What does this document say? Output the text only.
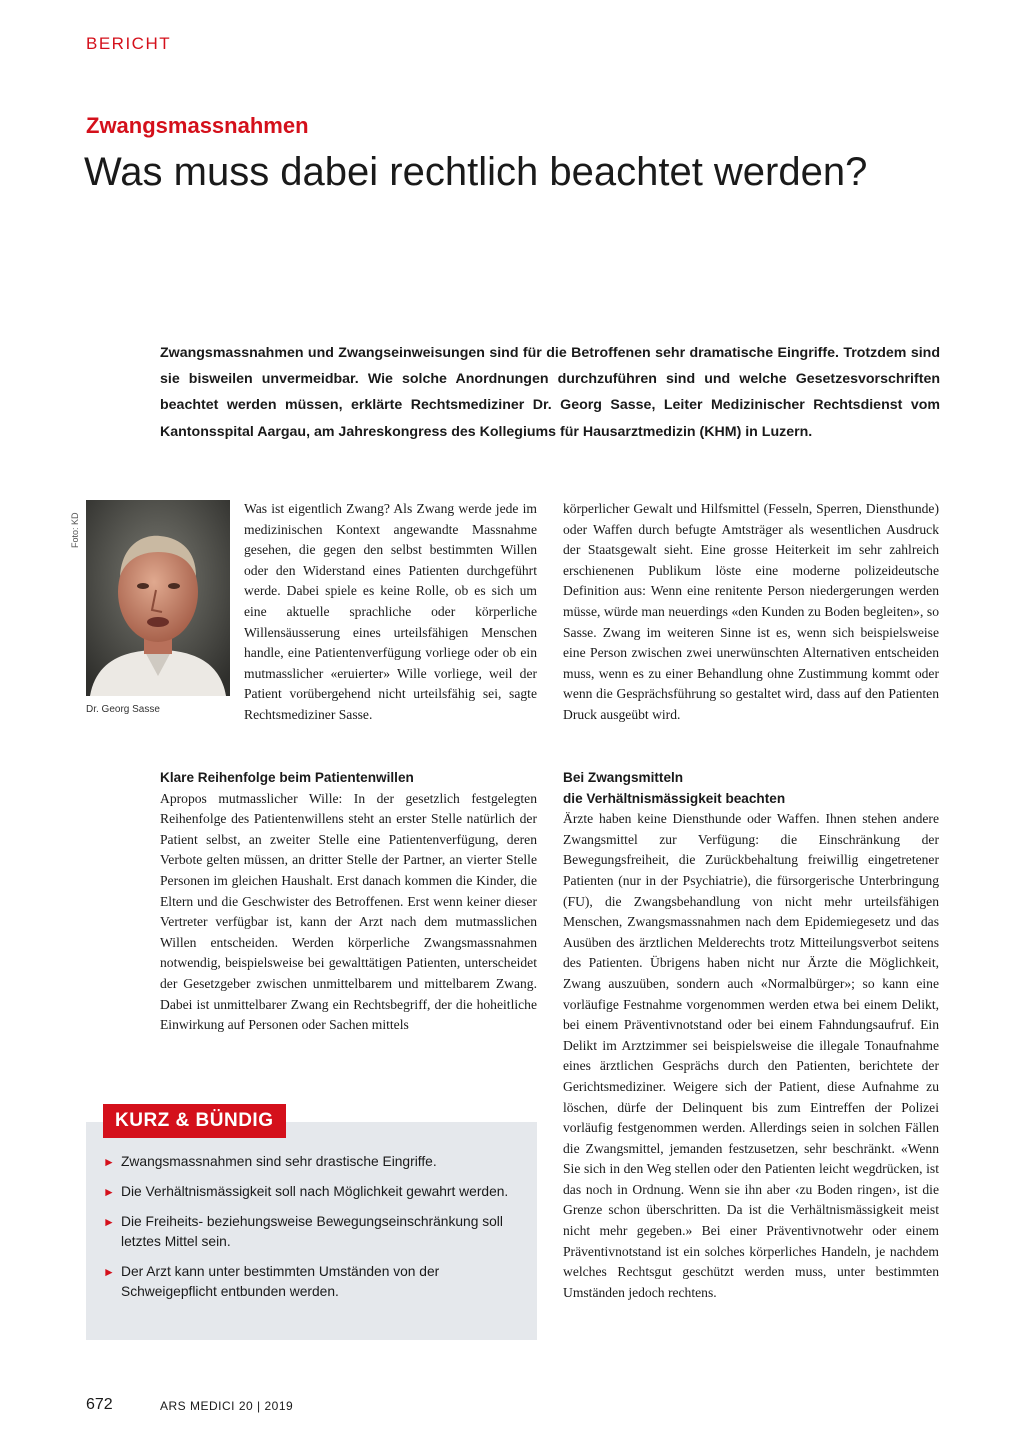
BERICHT
Zwangsmassnahmen
Was muss dabei rechtlich beachtet werden?
Zwangsmassnahmen und Zwangseinweisungen sind für die Betroffenen sehr dramatische Eingriffe. Trotzdem sind sie bisweilen unvermeidbar. Wie solche Anordnungen durchzuführen sind und welche Gesetzesvorschriften beachtet werden müssen, erklärte Rechtsmediziner Dr. Georg Sasse, Leiter Medizinischer Rechtsdienst vom Kantonsspital Aargau, am Jahreskongress des Kollegiums für Hausarztmedizin (KHM) in Luzern.
Foto: KD
Dr. Georg Sasse

Was ist eigentlich Zwang? Als Zwang werde jede im medizinischen Kontext angewandte Massnahme gesehen, die gegen den selbst bestimmten Willen oder den Widerstand eines Patienten durchgeführt werde. Dabei spiele es keine Rolle, ob es sich um eine aktuelle sprachliche oder körperliche Willensäusserung eines urteilsfähigen Menschen handle, eine Patientenverfügung vorliege oder ob ein mutmasslicher «eruierter» Wille vorliege, weil der Patient vorübergehend nicht urteilsfähig sei, sagte Rechtsmediziner Sasse.

körperlicher Gewalt und Hilfsmittel (Fesseln, Sperren, Diensthunde) oder Waffen durch befugte Amtsträger als wesentlichen Ausdruck der Staatsgewalt sieht. Eine grosse Heiterkeit im sehr zahlreich erschienenen Publikum löste eine moderne polizeideutsche Definition aus: Wenn eine renitente Person niedergerungen werden müsse, würde man neuerdings «den Kunden zu Boden begleiten», so Sasse. Zwang im weiteren Sinne ist es, wenn sich beispielsweise eine Person zwischen zwei unerwünschten Alternativen entscheiden muss, wenn es zu einer Behandlung ohne Zustimmung kommt oder wenn die Gesprächsführung so gestaltet wird, dass auf den Patienten Druck ausgeübt wird.

Klare Reihenfolge beim Patientenwillen

Apropos mutmasslicher Wille: In der gesetzlich festgelegten Reihenfolge des Patientenwillens steht an erster Stelle natürlich der Patient selbst, an zweiter Stelle eine Patientenverfügung, deren Verbote gelten müssen, an dritter Stelle der Partner, an vierter Stelle Personen im gleichen Haushalt. Erst danach kommen die Kinder, die Eltern und die Geschwister des Betroffenen. Erst wenn keiner dieser Vertreter verfügbar ist, kann der Arzt nach dem mutmasslichen Willen entscheiden. Werden körperliche Zwangsmassnahmen notwendig, beispielsweise bei gewalttätigen Patienten, unterscheidet der Gesetzgeber zwischen unmittelbarem und mittelbarem Zwang. Dabei ist unmittelbarer Zwang ein Rechtsbegriff, der die hoheitliche Einwirkung auf Personen oder Sachen mittels

Bei Zwangsmitteln
die Verhältnismässigkeit beachten

Ärzte haben keine Diensthunde oder Waffen. Ihnen stehen andere Zwangsmittel zur Verfügung: die Einschränkung der Bewegungsfreiheit, die Zurückbehaltung freiwillig eingetretener Patienten (nur in der Psychiatrie), die fürsorgerische Unterbringung (FU), die Zwangsbehandlung von nicht mehr urteilsfähigen Menschen, Zwangsmassnahmen nach dem Epidemiegesetz und das Ausüben des ärztlichen Melderechts trotz Mitteilungsverbot seitens des Patienten. Übrigens haben nicht nur Ärzte die Möglichkeit, Zwang auszuüben, sondern auch «Normalbürger»; so kann eine vorläufige Festnahme vorgenommen werden etwa bei einem Delikt, bei einem Präventivnotstand oder bei einem Fahndungsaufruf. Ein Delikt im Arztzimmer sei beispielsweise die illegale Tonaufnahme eines ärztlichen Gesprächs durch den Patienten, berichtete der Gerichtsmediziner. Weigere sich der Patient, diese Aufnahme zu löschen, dürfe der Delinquent bis zum Eintreffen der Polizei vorläufig festgenommen werden. Allerdings seien in solchen Fällen die Zwangsmittel, jemanden festzusetzen, sehr beschränkt. «Wenn Sie sich in den Weg stellen oder den Patienten leicht wegdrücken, ist das noch in Ordnung. Wenn sie ihn aber ‹zu Boden ringen›, ist die Grenze schon überschritten. Da ist die Verhältnismässigkeit meist nicht mehr gegeben.» Bei einer Präventivnotwehr oder einem Präventivnotstand ist ein solches körperliches Handeln, je nachdem welches Rechtsgut geschützt werden muss, unter bestimmten Umständen jedoch rechtens.

KURZ & BÜNDIG
► Zwangsmassnahmen sind sehr drastische Eingriffe.
► Die Verhältnismässigkeit soll nach Möglichkeit gewahrt werden.
► Die Freiheits- beziehungsweise Bewegungseinschränkung soll letztes Mittel sein.
► Der Arzt kann unter bestimmten Umständen von der Schweigepflicht entbunden werden.
672	ARS MEDICI 20 | 2019
